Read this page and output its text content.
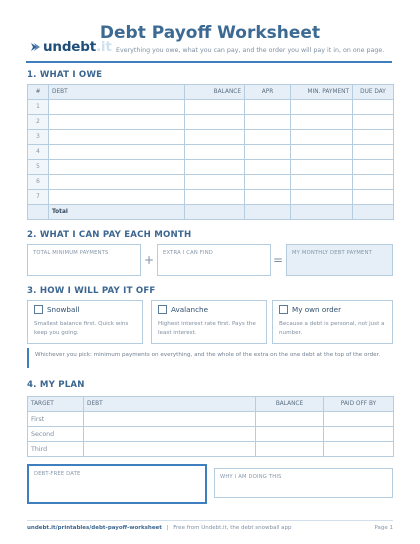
undebt.it
Debt Payoff Worksheet
Everything you owe, what you can pay, and the order you will pay it in, on one page.
1. WHAT I OWE
#	DEBT	BALANCE	APR	MIN. PAYMENT	DUE DAY
1					
2					
3					
4					
5					
6					
7					
	Total				
2. WHAT I CAN PAY EACH MONTH
TOTAL MINIMUM PAYMENTS	+ EXTRA I CAN FIND	= MY MONTHLY DEBT PAYMENT
3. HOW I WILL PAY IT OFF
Snowball
Smallest balance first. Quick wins keep you going.
Avalanche
Highest interest rate first. Pays the least interest.
My own order
Because a debt is personal, not just a number.
Whichever you pick: minimum payments on everything, and the whole of the extra on the one debt at the top of the order.
4. MY PLAN
TARGET	DEBT	BALANCE	PAID OFF BY
First			
Second			
Third			
DEBT-FREE DATE	WHY I AM DOING THIS
undebt.it/printables/debt-payoff-worksheet | Free from Undebt.it, the debt snowball app	Page 1
